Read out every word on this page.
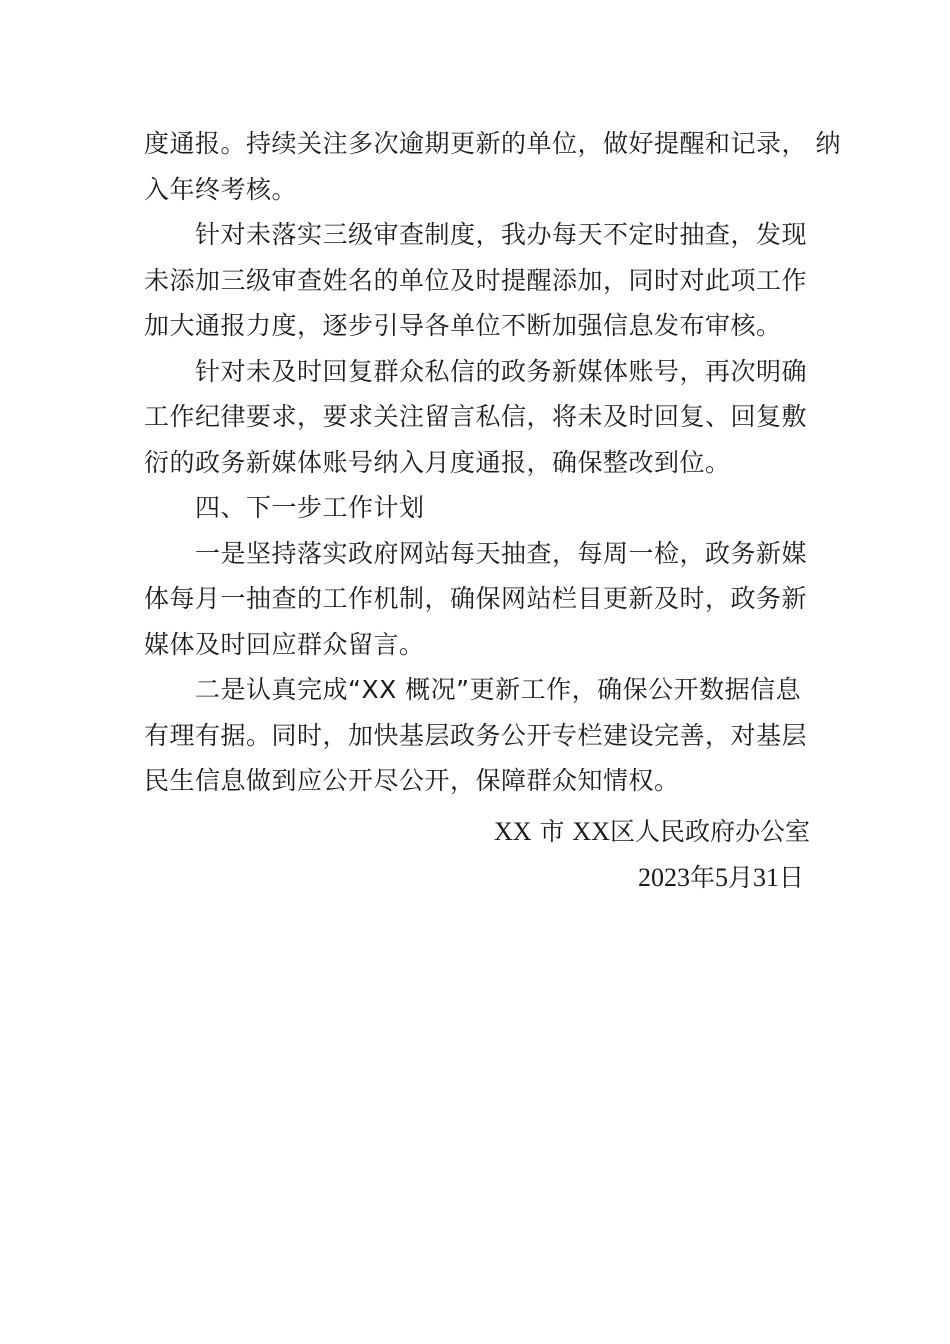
度通报。持续关注多次逾期更新的单位，做好提醒和记录， 纳
入年终考核。
　　针对未落实三级审查制度，我办每天不定时抽查，发现
未添加三级审查姓名的单位及时提醒添加，同时对此项工作
加大通报力度，逐步引导各单位不断加强信息发布审核。
　　针对未及时回复群众私信的政务新媒体账号，再次明确
工作纪律要求，要求关注留言私信，将未及时回复、回复敷
衍的政务新媒体账号纳入月度通报，确保整改到位。
　　四、下一步工作计划
　　一是坚持落实政府网站每天抽查，每周一检，政务新媒
体每月一抽查的工作机制，确保网站栏目更新及时，政务新
媒体及时回应群众留言。
　　二是认真完成“XX 概况”更新工作，确保公开数据信息
有理有据。同时，加快基层政务公开专栏建设完善，对基层
民生信息做到应公开尽公开，保障群众知情权。
XX 市 XX区人民政府办公室
2023年5月31日
